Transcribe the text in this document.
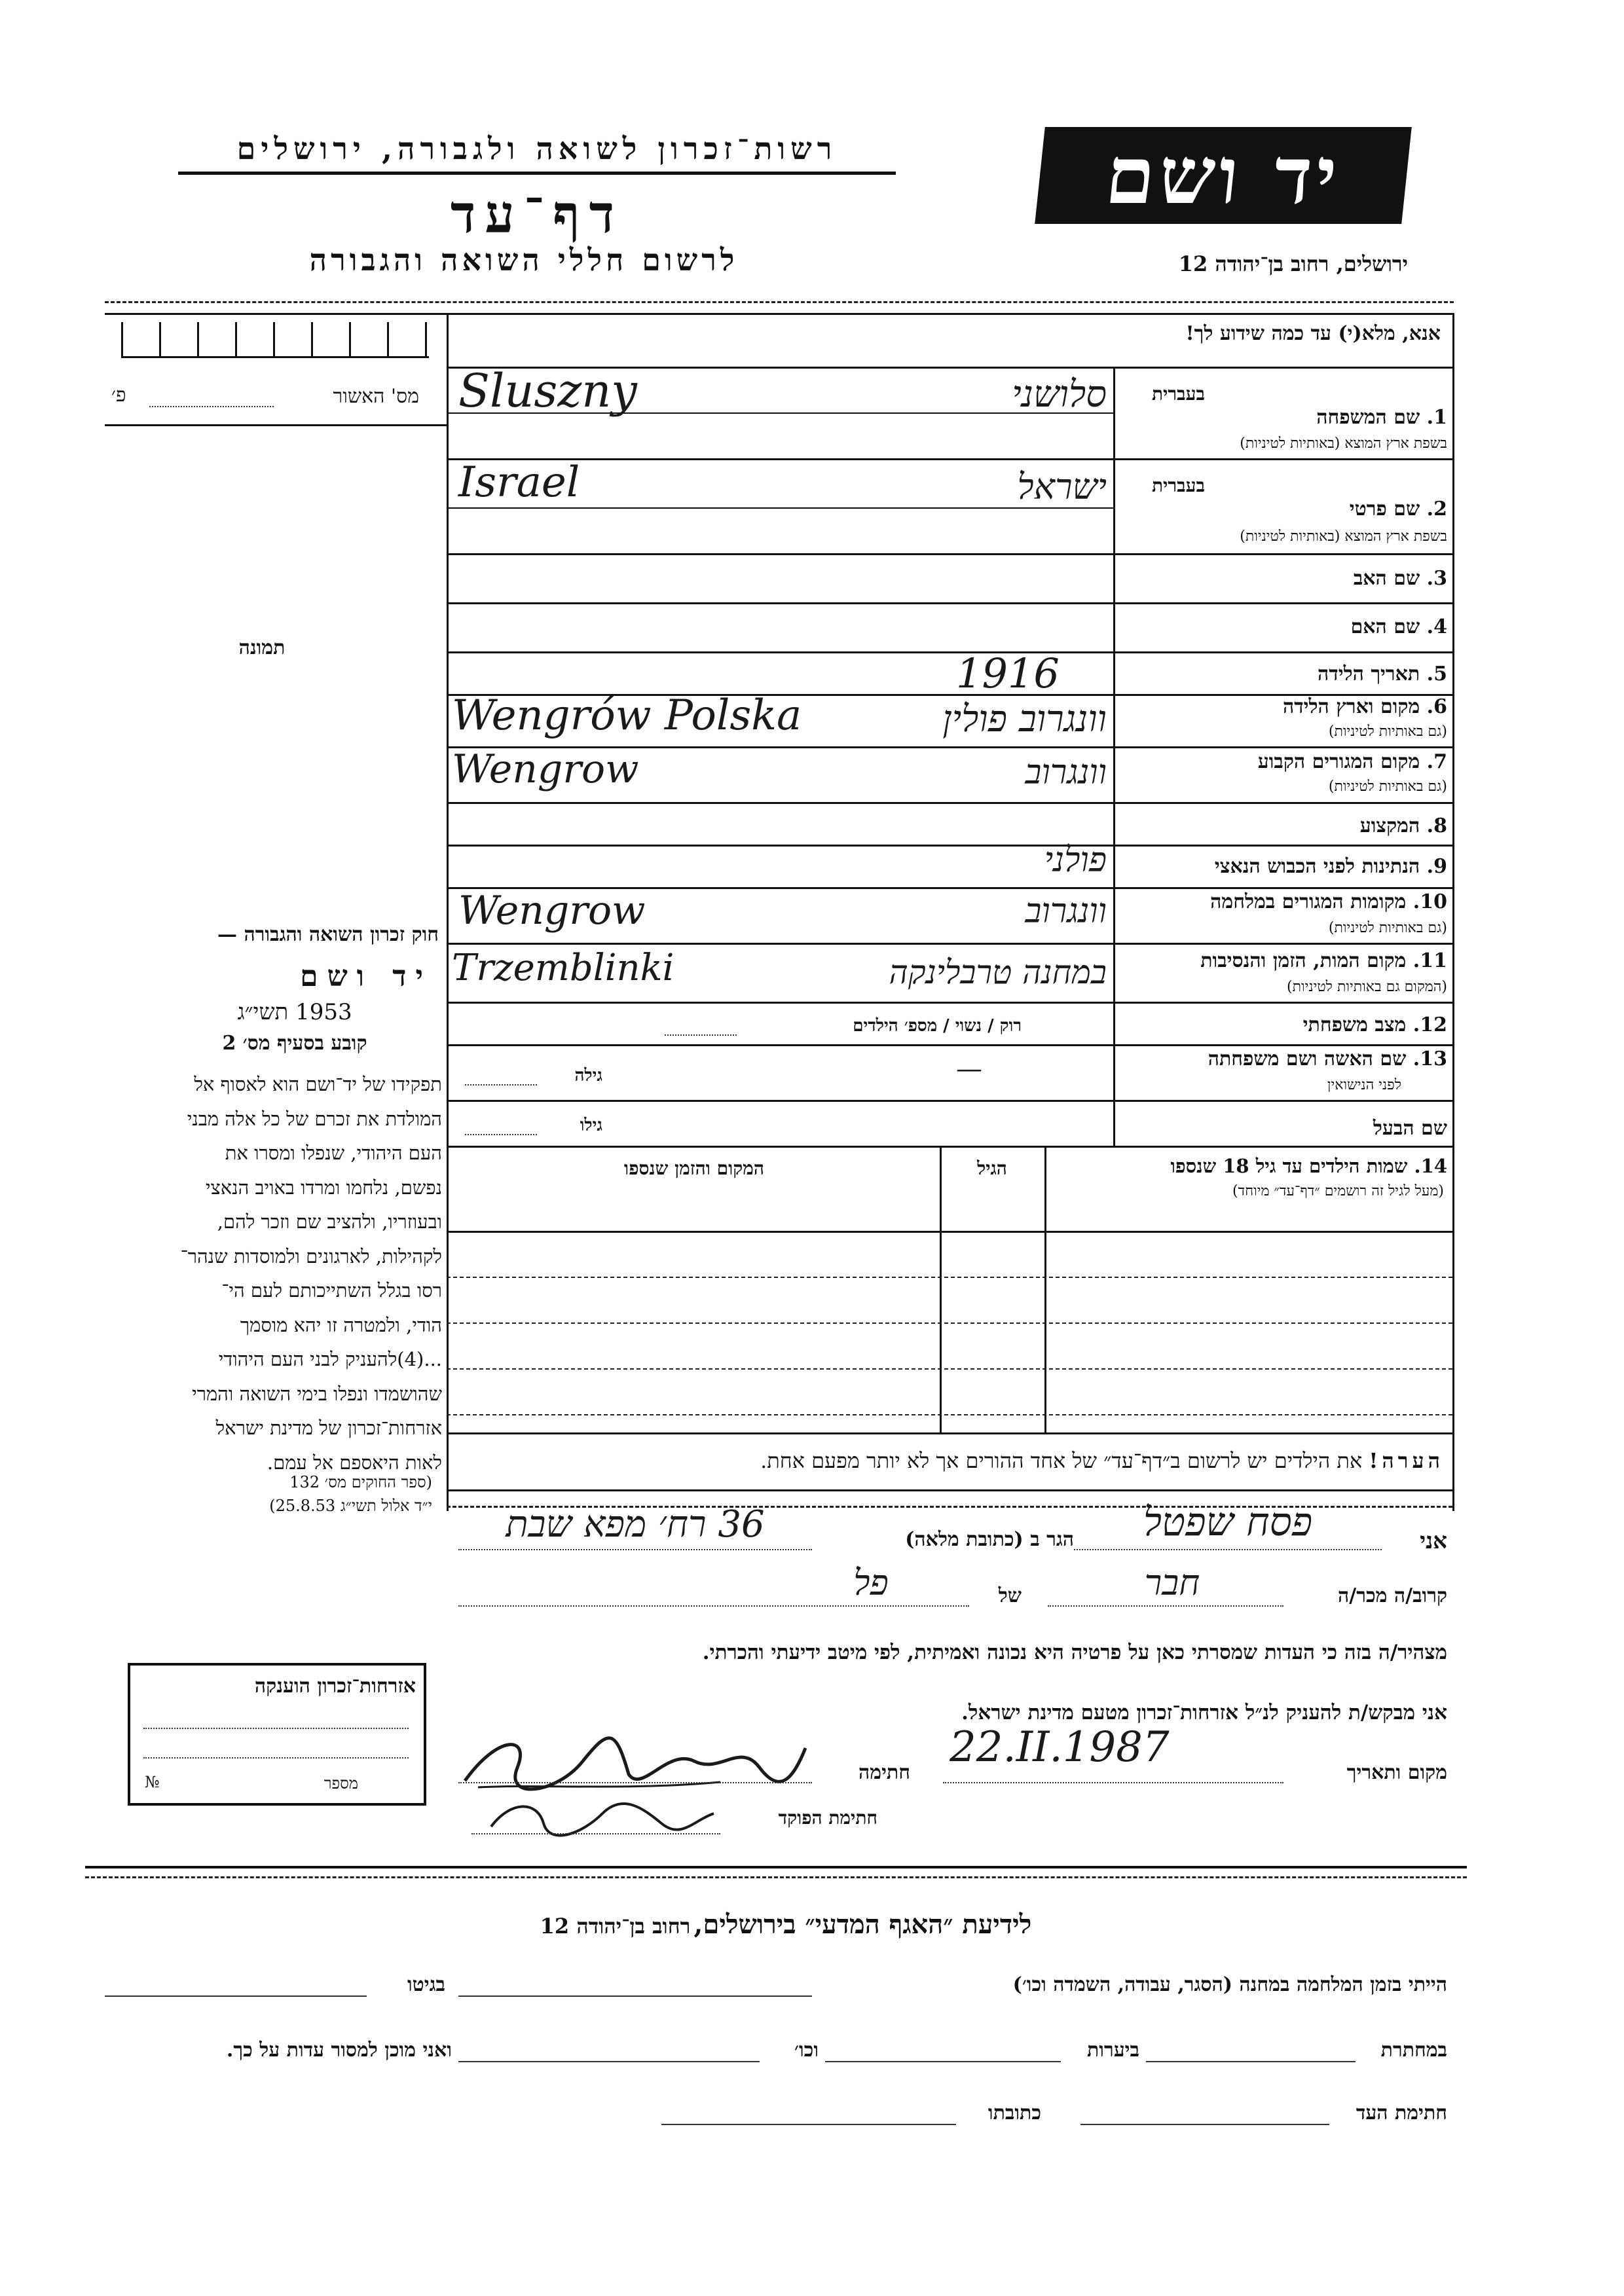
יד ושם
רשות־זכרון לשואה ולגבורה, ירושלים
דף־עד
לרשום חללי השואה והגבורה	ירושלים, רחוב בן־יהודה 12
אנא, מלא(י) עד כמה שידוע לך!
מס' האשור
פ׳
תמונה
חוק זכרון השואה והגבורה —
יד ושם
1953 תשי״ג
קובע בסעיף מס׳ 2
תפקידו של יד־ושם הוא לאסוף אל
המולדת את זכרם של כל אלה מבני
העם היהודי, שנפלו ומסרו את
נפשם, נלחמו ומרדו באויב הנאצי
ובעוזריו, ולהציב שם וזכר להם,
לקהילות, לארגונים ולמוסדות שנהר־
רסו בגלל השתייכותם לעם הי־
הודי, ולמטרה זו יהא מוסמך
...(4)להעניק לבני העם היהודי
שהושמדו ונפלו בימי השואה והמרי
אזרחות־זכרון של מדינת ישראל
לאות היאספם אל עמם.
(ספר החוקים מס׳ 132
י״ד אלול תשי״ג 25.8.53)
אזרחות־זכרון הוענקה
מספר
№
בעברית
1. שם המשפחה
בשפת ארץ המוצא (באותיות לטיניות)
Sluszny	סלושני
בעברית
2. שם פרטי
בשפת ארץ המוצא (באותיות לטיניות)
Israel	ישראל
3. שם האב
4. שם האם
5. תאריך הלידה
1916
6. מקום וארץ הלידה
(גם באותיות לטיניות)
Wengrów Polska	וונגרוב פולין
7. מקום המגורים הקבוע
(גם באותיות לטיניות)
Wengrow	וונגרוב
8. המקצוע
9. הנתינות לפני הכבוש הנאצי
פולני
10. מקומות המגורים במלחמה
(גם באותיות לטיניות)
Wengrow	וונגרוב
11. מקום המות, הזמן והנסיבות
(המקום גם באותיות לטיניות)
Trzemblinki	במחנה טרבלינקה
12. מצב משפחתי
רוק / נשוי / מספ׳ הילדים
13. שם האשה ושם משפחתה
לפני הנישואין
—
גילה
שם הבעל
גילו
14. שמות הילדים עד גיל 18 שנספו
(מעל לגיל זה רושמים ״דף־עד״ מיוחד)
הגיל
המקום והזמן שנספו
הערה! את הילדים יש לרשום ב״דף־עד״ של אחד ההורים אך לא יותר מפעם אחת.
אני
פסח שפטל
הגר ב (כתובת מלאה)
36 רח׳ מפא שבת
קרוב/ה מכר/ה
חבר
של
פל
מצהיר/ה בזה כי העדות שמסרתי כאן על פרטיה היא נכונה ואמיתית, לפי מיטב ידיעתי והכרתי.
אני מבקש/ת להעניק לנ״ל אזרחות־זכרון מטעם מדינת ישראל.
מקום ותאריך
22.II.1987
חתימה
חתימת הפוקד
לידיעת ״האגף המדעי״ בירושלים, רחוב בן־יהודה 12
הייתי בזמן המלחמה במחנה (הסגר, עבודה, השמדה וכו׳)
בגיטו
במחתרת
ביערות
וכו׳
ואני מוכן למסור עדות על כך.
חתימת העד
כתובתו
